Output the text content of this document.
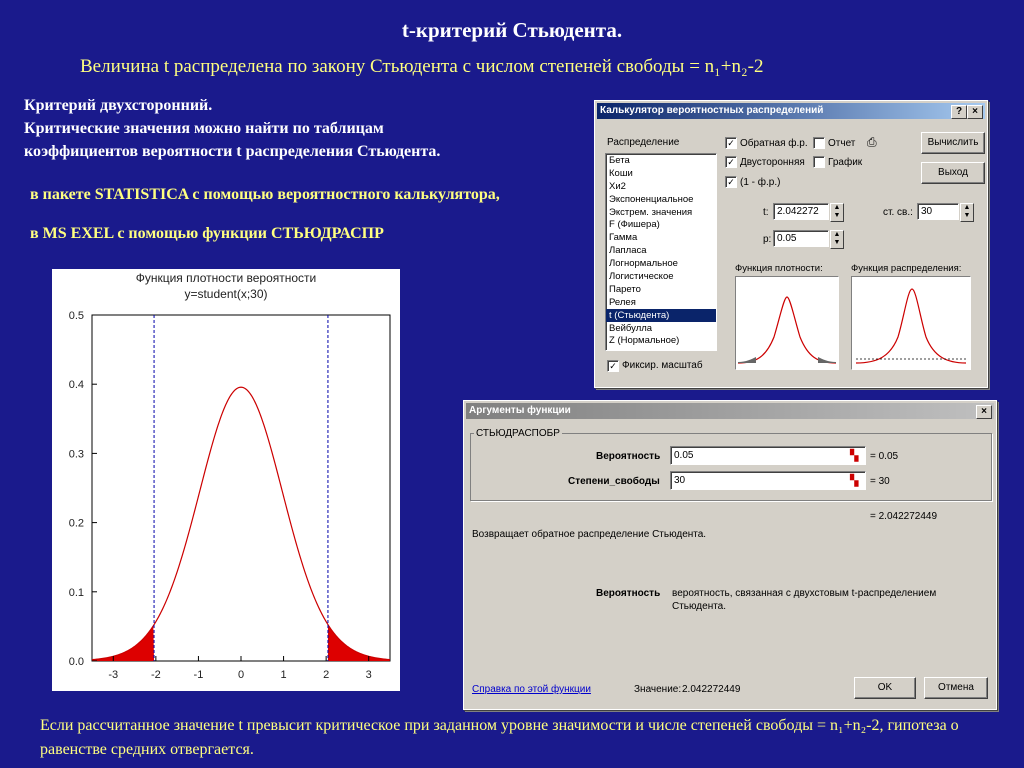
t-критерий Стьюдента.
Величина t распределена по закону Стьюдента с числом степеней свободы = n₁+n₂-2
Критерий двухсторонний.
Критические значения можно найти по таблицам
коэффициентов вероятности t распределения Стьюдента.
в пакете STATISTICA с помощью вероятностного калькулятора,
в MS EXEL с помощью функции СТЬЮДРАСПР
Функция плотности вероятности
y=student(x;30)
0.0
0.1
0.2
0.3
0.4
0.5
-3	-2	-1	0	1	2	3
Калькулятор вероятностных распределений	?	×
Распределение
Бета
Коши
Хи2
Экспоненциальное
Экстрем. значения
F (Фишера)
Гамма
Лапласа
Логнормальное
Логистическое
Парето
Релея
t (Стьюдента)
Вейбулла
Z (Нормальное)
✓ Фиксир. масштаб
✓ Обратная ф.р. Отчет ⎙
✓ Двусторонняя График
✓ (1 - ф.р.)
Вычислить
Выход
t: 2.042272	▲
▼	ст. св.: 30	▲
▼
p: 0.05	▲
▼
Функция плотности:	Функция распределения:
Аргументы функции	×
СТЬЮДРАСПОБР
Вероятность	0.05	▚ = 0.05
Степени_свободы	30	▚ = 30
= 2.042272449
Возвращает обратное распределение Стьюдента.
Вероятность вероятность, связанная с двухстовым t-распределением
Стьюдента.
Справка по этой функции	Значение: 2.042272449	OK	Отмена
Если рассчитанное значение t превысит критическое при заданном уровне значимости и числе степеней свободы = n₁+n₂-2, гипотеза о равенстве средних отвергается.
